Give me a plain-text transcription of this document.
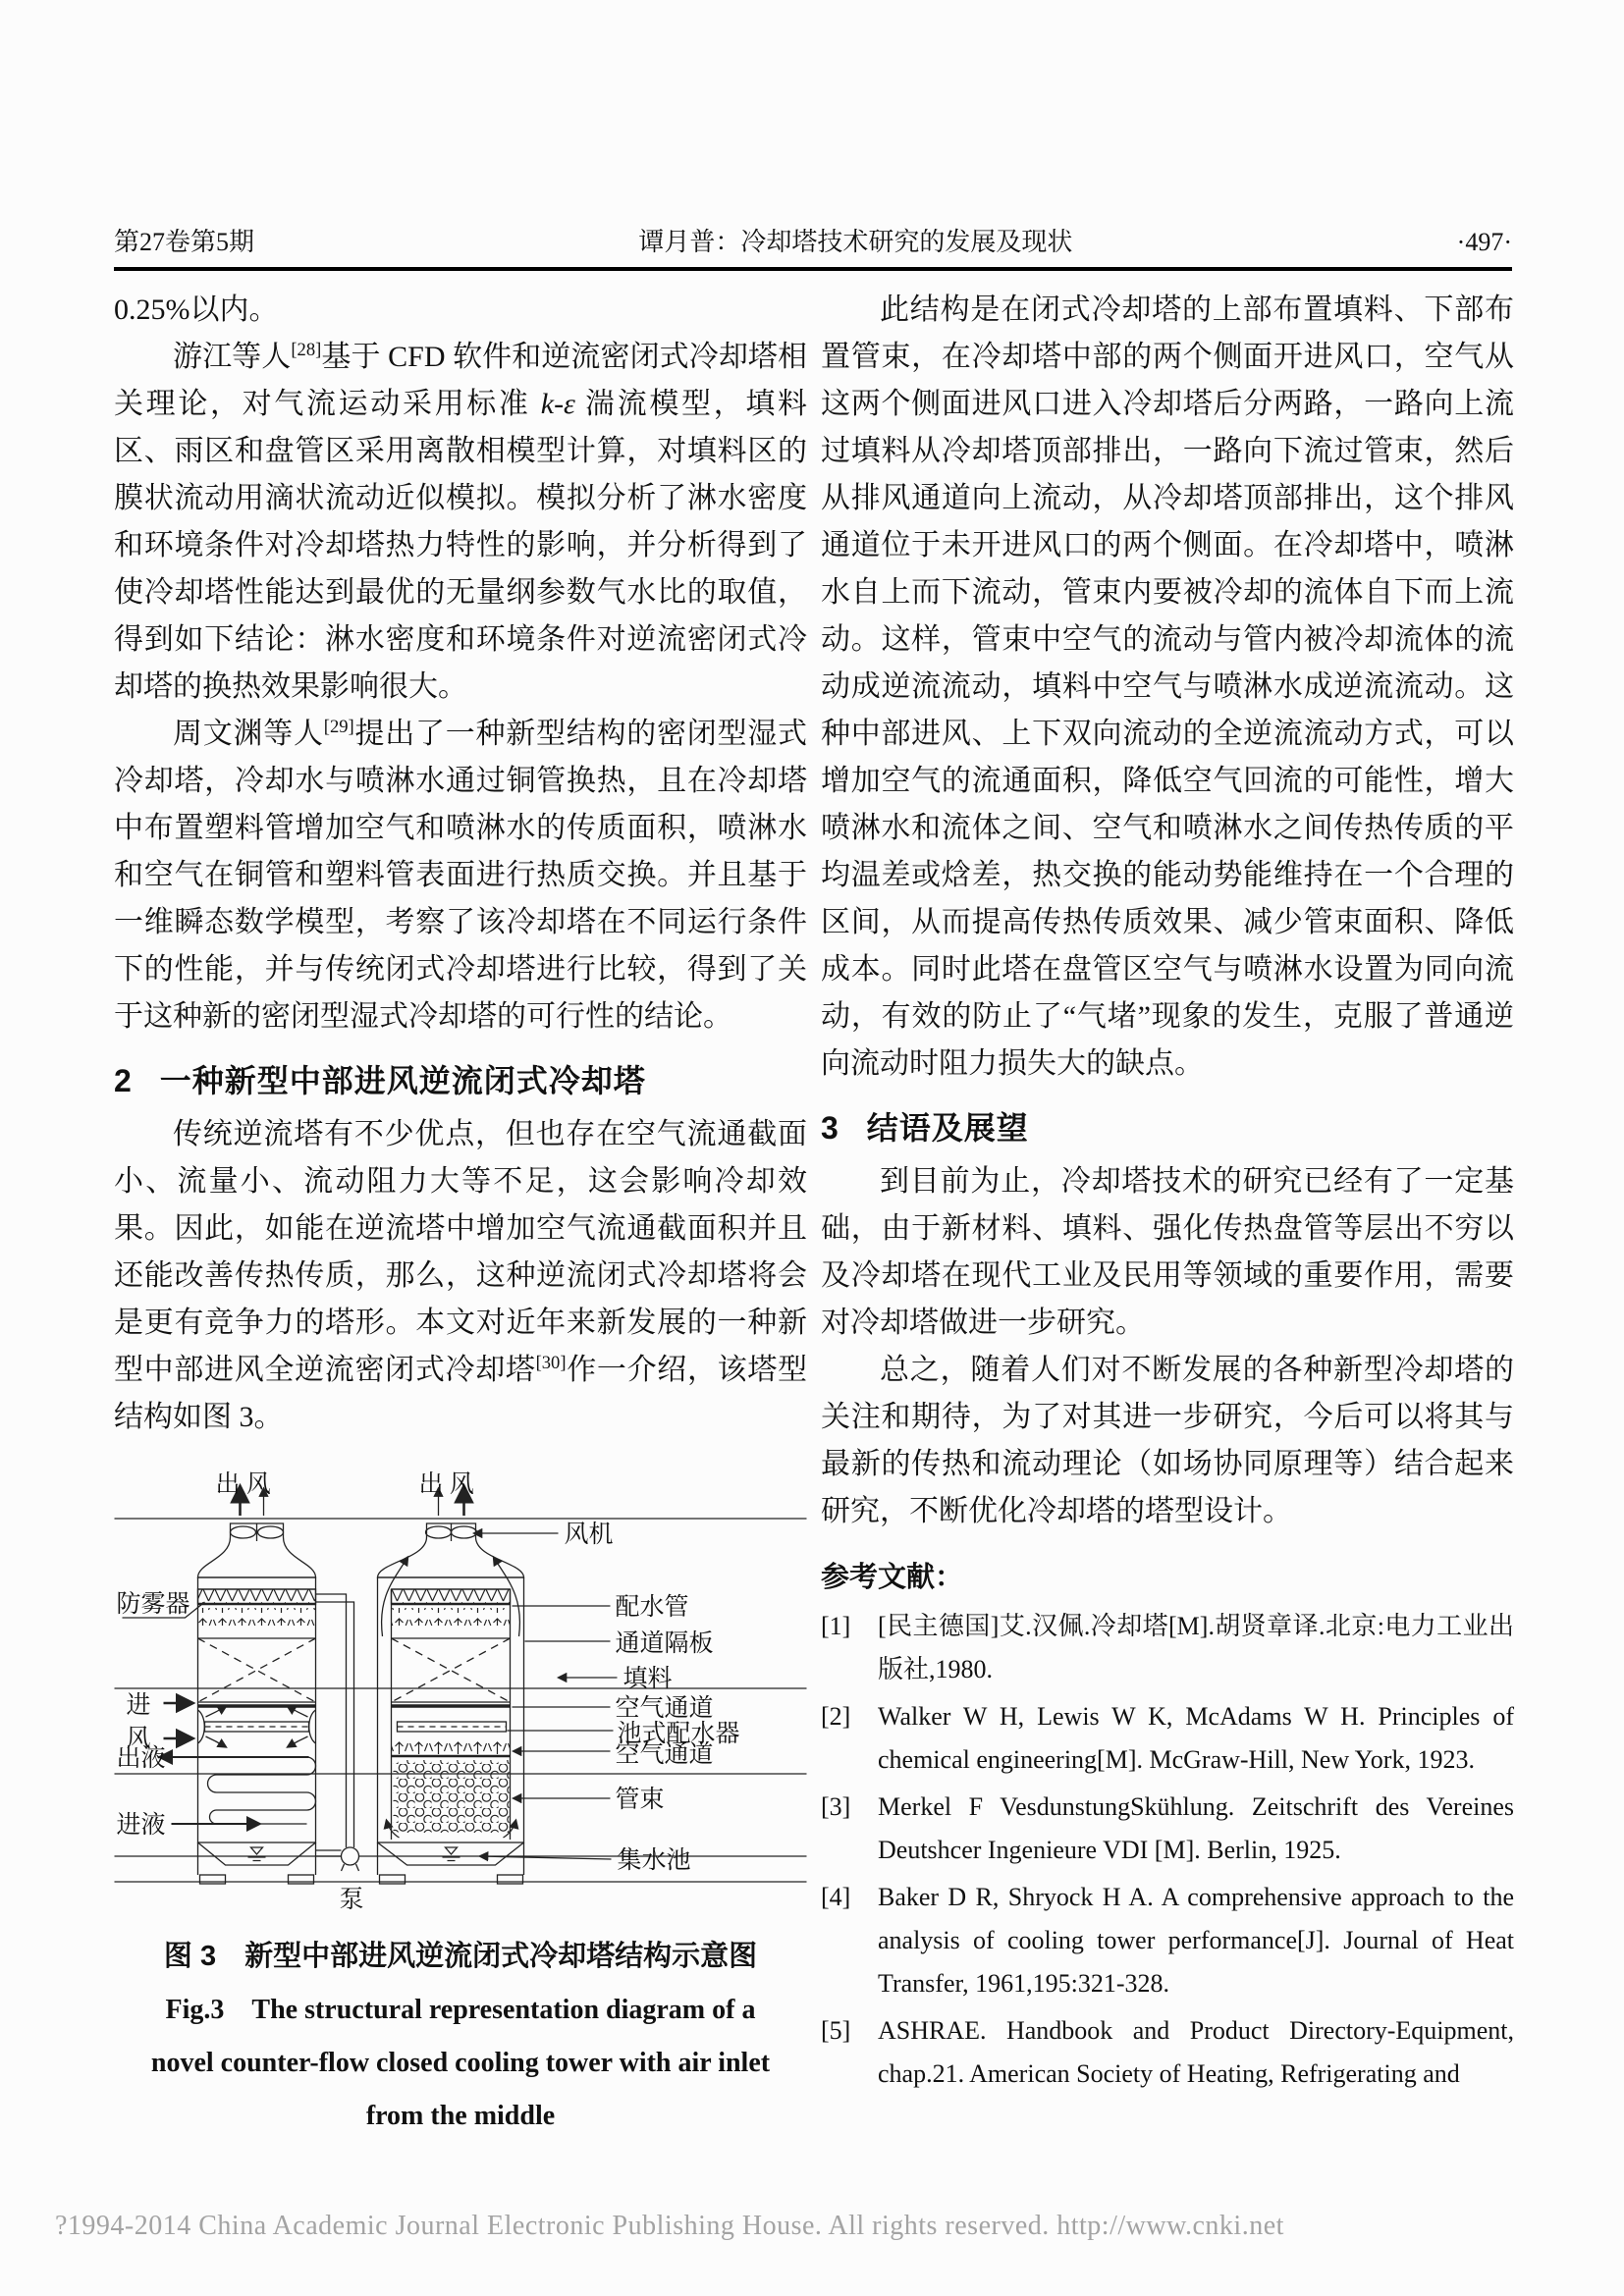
第27卷第5期	谭月普：冷却塔技术研究的发展及现状	·497·

0.25%以内。

游江等人[28]基于 CFD 软件和逆流密闭式冷却塔相关理论，对气流运动采用标准 k-ε 湍流模型，填料区、雨区和盘管区采用离散相模型计算，对填料区的膜状流动用滴状流动近似模拟。模拟分析了淋水密度和环境条件对冷却塔热力特性的影响，并分析得到了使冷却塔性能达到最优的无量纲参数气水比的取值，得到如下结论：淋水密度和环境条件对逆流密闭式冷却塔的换热效果影响很大。

周文渊等人[29]提出了一种新型结构的密闭型湿式冷却塔，冷却水与喷淋水通过铜管换热，且在冷却塔中布置塑料管增加空气和喷淋水的传质面积，喷淋水和空气在铜管和塑料管表面进行热质交换。并且基于一维瞬态数学模型，考察了该冷却塔在不同运行条件下的性能，并与传统闭式冷却塔进行比较，得到了关于这种新的密闭型湿式冷却塔的可行性的结论。

2 一种新型中部进风逆流闭式冷却塔

传统逆流塔有不少优点，但也存在空气流通截面小、流量小、流动阻力大等不足，这会影响冷却效果。因此，如能在逆流塔中增加空气流通截面积并且还能改善传热传质，那么，这种逆流闭式冷却塔将会是更有竞争力的塔形。本文对近年来新发展的一种新型中部进风全逆流密闭式冷却塔[30]作一介绍，该塔型结构如图 3。

出 风	出 风
风机
防雾器	配水管
通道隔板
填料
空气通道
池式配水器
空气通道
管束
集水池
进
风
出液
进液
泵
图 3　新型中部进风逆流闭式冷却塔结构示意图
Fig.3　The structural representation diagram of a novel counter-flow closed cooling tower with air inlet from the middle

此结构是在闭式冷却塔的上部布置填料、下部布置管束，在冷却塔中部的两个侧面开进风口，空气从这两个侧面进风口进入冷却塔后分两路，一路向上流过填料从冷却塔顶部排出，一路向下流过管束，然后从排风通道向上流动，从冷却塔顶部排出，这个排风通道位于未开进风口的两个侧面。在冷却塔中，喷淋水自上而下流动，管束内要被冷却的流体自下而上流动。这样，管束中空气的流动与管内被冷却流体的流动成逆流流动，填料中空气与喷淋水成逆流流动。这种中部进风、上下双向流动的全逆流流动方式，可以增加空气的流通面积，降低空气回流的可能性，增大喷淋水和流体之间、空气和喷淋水之间传热传质的平均温差或焓差，热交换的能动势能维持在一个合理的区间，从而提高传热传质效果、减少管束面积、降低成本。同时此塔在盘管区空气与喷淋水设置为同向流动，有效的防止了“气堵”现象的发生，克服了普通逆向流动时阻力损失大的缺点。

3 结语及展望

到目前为止，冷却塔技术的研究已经有了一定基础，由于新材料、填料、强化传热盘管等层出不穷以及冷却塔在现代工业及民用等领域的重要作用，需要对冷却塔做进一步研究。

总之，随着人们对不断发展的各种新型冷却塔的关注和期待，为了对其进一步研究，今后可以将其与最新的传热和流动理论（如场协同原理等）结合起来研究，不断优化冷却塔的塔型设计。

参考文献：
[1]	[民主德国]艾.汉佩.冷却塔[M].胡贤章译.北京:电力工业出版社,1980.
[2]	Walker W H, Lewis W K, McAdams W H. Principles of chemical engineering[M]. McGraw-Hill, New York, 1923.
[3]	Merkel F VesdunstungSkühlung. Zeitschrift des Vereines Deutshcer Ingenieure VDI [M]. Berlin, 1925.
[4]	Baker D R, Shryock H A. A comprehensive approach to the analysis of cooling tower performance[J]. Journal of Heat Transfer, 1961,195:321-328.
[5]	ASHRAE. Handbook and Product Directory-Equipment, chap.21. American Society of Heating, Refrigerating and
?1994-2014 China Academic Journal Electronic Publishing House. All rights reserved. http://www.cnki.net
